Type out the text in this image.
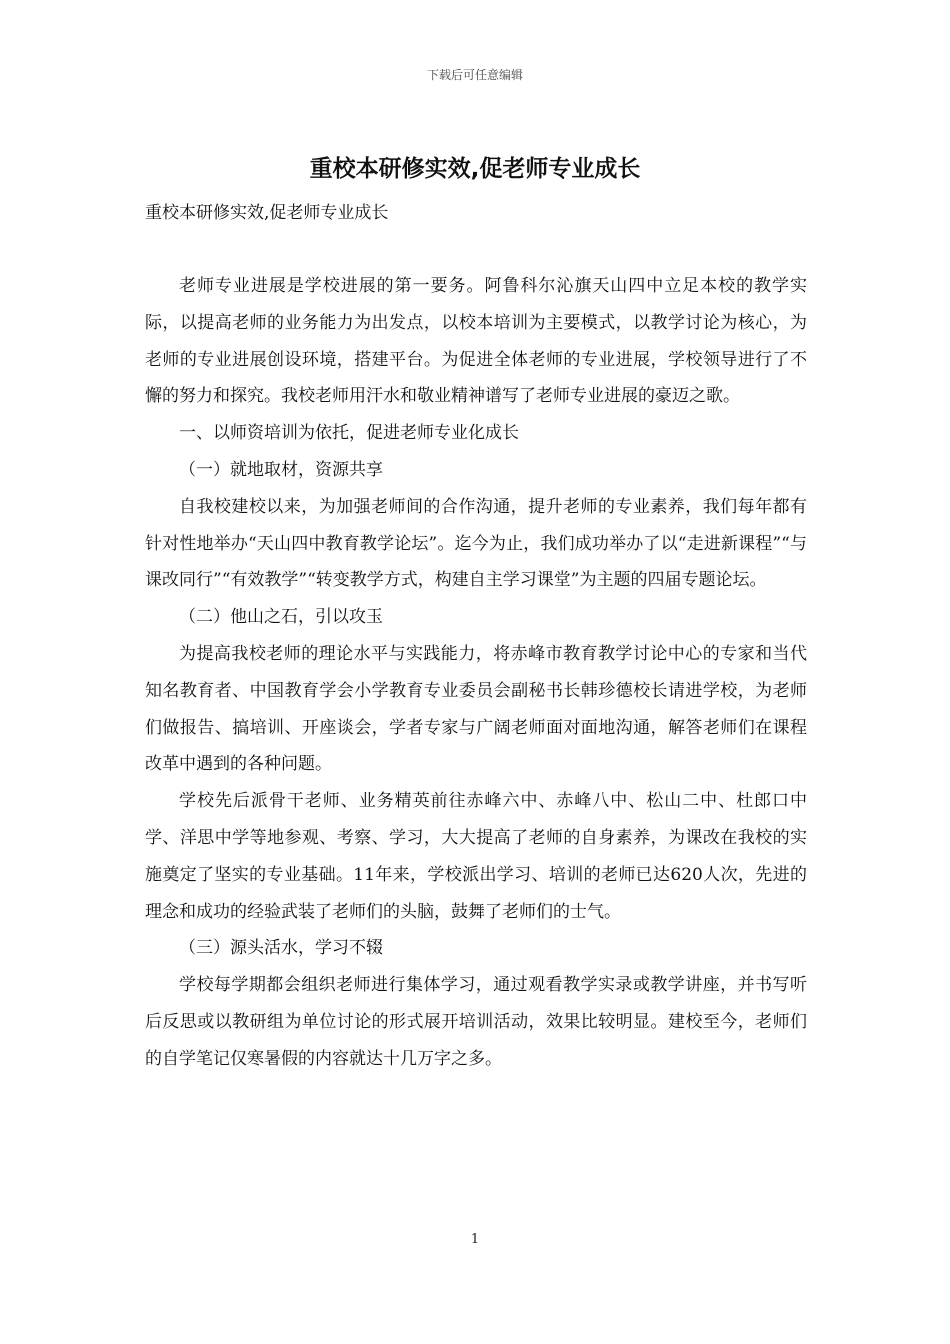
下载后可任意编辑
重校本研修实效,促老师专业成长
重校本研修实效,促老师专业成长

老师专业进展是学校进展的第一要务。阿鲁科尔沁旗天山四中立足本校的教学实际，以提高老师的业务能力为出发点，以校本培训为主要模式，以教学讨论为核心，为老师的专业进展创设环境，搭建平台。为促进全体老师的专业进展，学校领导进行了不懈的努力和探究。我校老师用汗水和敬业精神谱写了老师专业进展的豪迈之歌。

一、以师资培训为依托，促进老师专业化成长

（一）就地取材，资源共享

自我校建校以来，为加强老师间的合作沟通，提升老师的专业素养，我们每年都有针对性地举办“天山四中教育教学论坛”。迄今为止，我们成功举办了以“走进新课程”“与课改同行”“有效教学”“转变教学方式，构建自主学习课堂”为主题的四届专题论坛。

（二）他山之石，引以攻玉

为提高我校老师的理论水平与实践能力，将赤峰市教育教学讨论中心的专家和当代知名教育者、中国教育学会小学教育专业委员会副秘书长韩珍德校长请进学校，为老师们做报告、搞培训、开座谈会，学者专家与广阔老师面对面地沟通，解答老师们在课程改革中遇到的各种问题。

学校先后派骨干老师、业务精英前往赤峰六中、赤峰八中、松山二中、杜郎口中学、洋思中学等地参观、考察、学习，大大提高了老师的自身素养，为课改在我校的实施奠定了坚实的专业基础。11年来，学校派出学习、培训的老师已达620人次，先进的理念和成功的经验武装了老师们的头脑，鼓舞了老师们的士气。

（三）源头活水，学习不辍

学校每学期都会组织老师进行集体学习，通过观看教学实录或教学讲座，并书写听后反思或以教研组为单位讨论的形式展开培训活动，效果比较明显。建校至今，老师们的自学笔记仅寒暑假的内容就达十几万字之多。

1
